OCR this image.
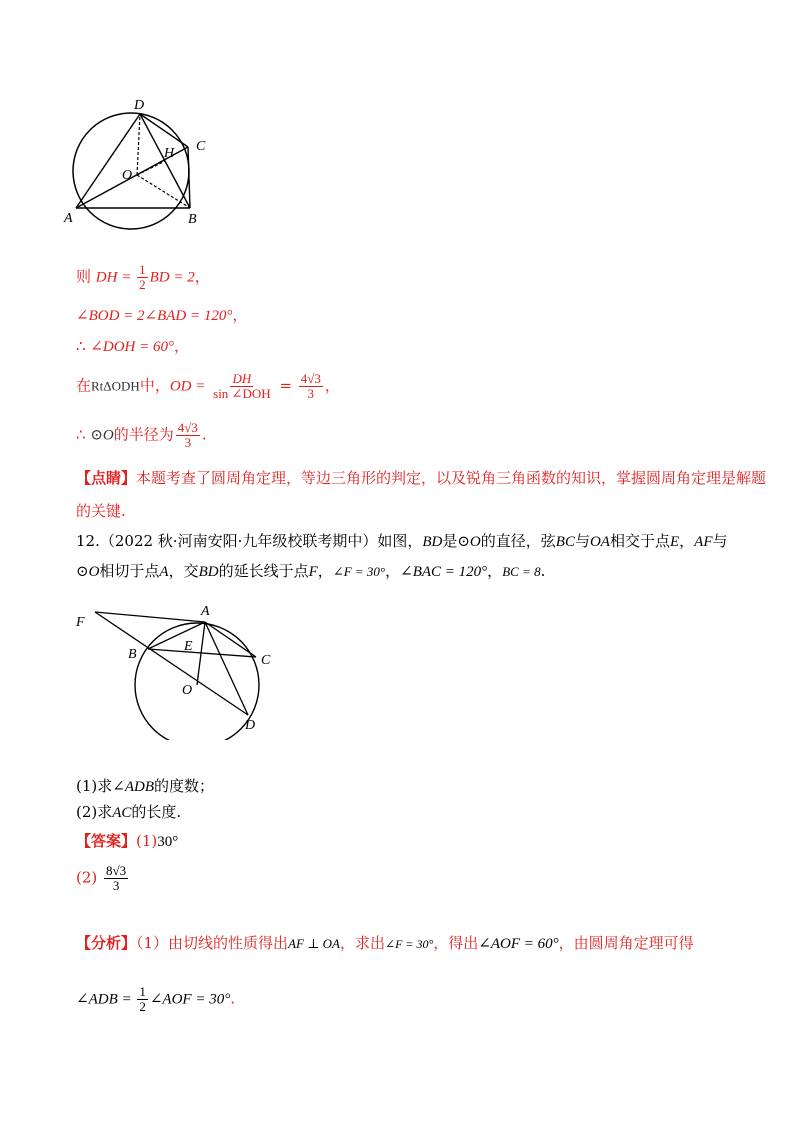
D
H C
O
A	B
则 DH = $\frac{1}{2}$ BD = 2，
∠BOD = 2∠BAD = 120°，
∴ ∠DOH = 60°，
在RtΔODH中，OD = $\frac{DH}{\text{sin ∠DOH}} = \frac{4√3}{3}$ ，
∴ ⊙O的半径为 $\frac{4√3}{3}$ .
【点睛】本题考查了圆周角定理，等边三角形的判定，以及锐角三角函数的知识，掌握圆周角定理是解题
的关键.
12.（2022 秋·河南安阳·九年级校联考期中）如图，BD是⊙O的直径，弦BC与OA相交于点E，AF与
⊙O相切于点A，交BD的延长线于点F，∠F = 30°，∠BAC = 120°，BC = 8.
F
A
B
E
C
O
D
(1)求∠ADB的度数；
(2)求AC的长度.
【答案】(1)30°
$(2) \frac{8√3}{3}$
【分析】（1）由切线的性质得出AF ⊥ OA，求出∠F = 30°，得出∠AOF = 60°，由圆周角定理可得
∠ADB = $\frac{1}{2}$ ∠AOF = 30°.
